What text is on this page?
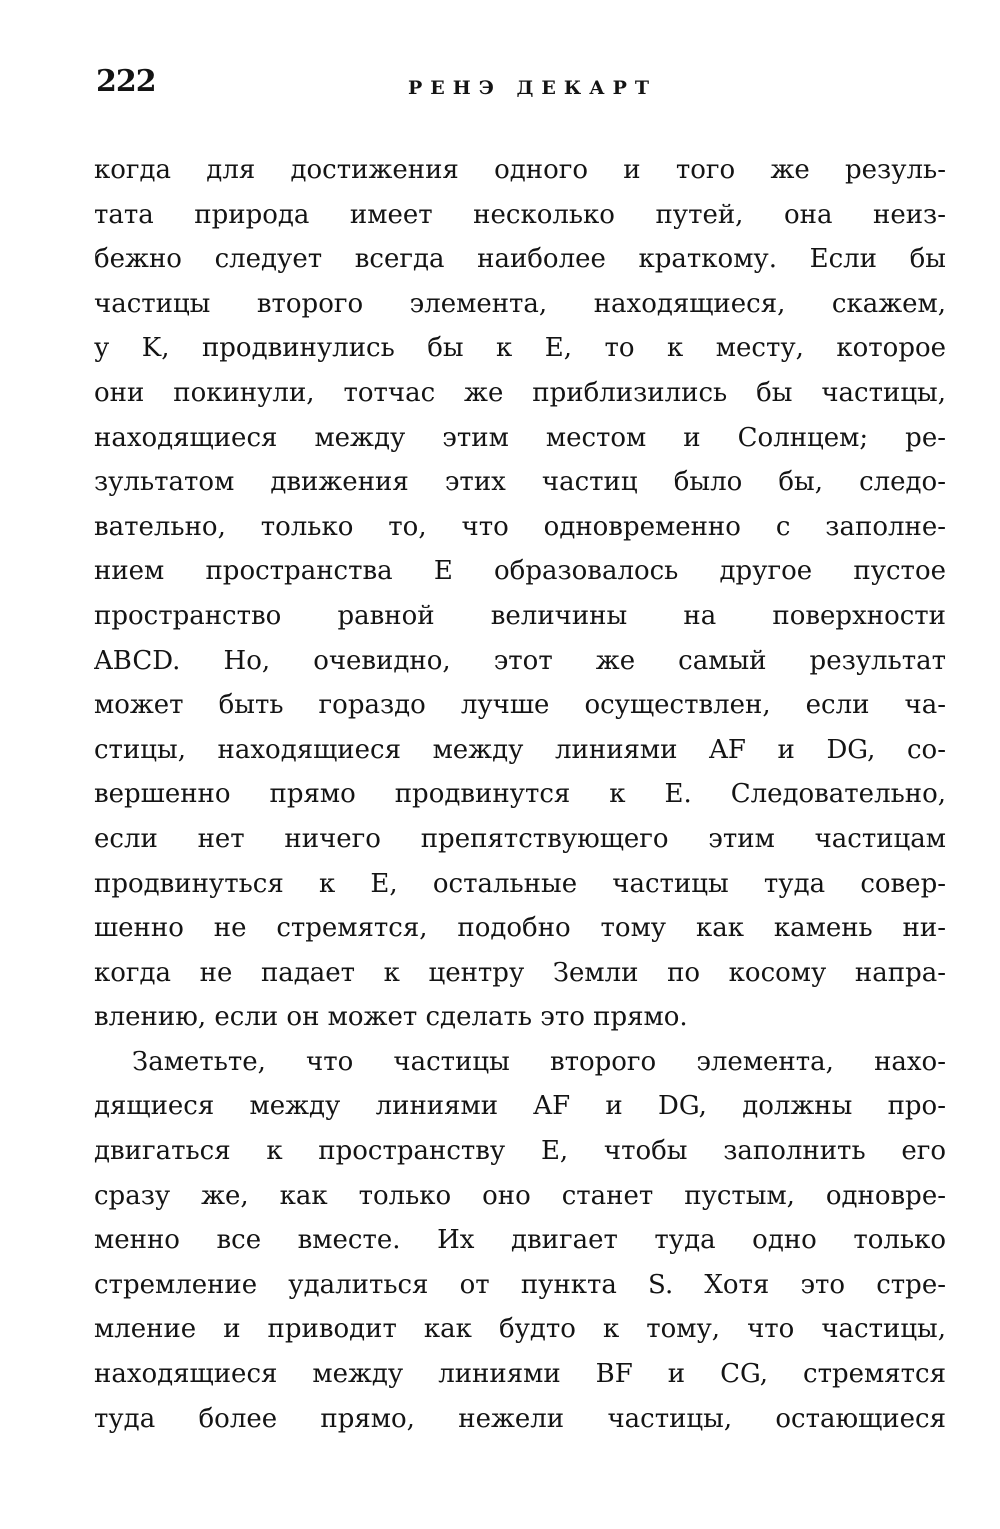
222	РЕНЭ ДЕКАРТ
когда для достижения одного и того же резуль-
тата природа имеет несколько путей, она неиз-
бежно следует всегда наиболее краткому. Если бы
частицы второго элемента, находящиеся, скажем,
у K, продвинулись бы к E, то к месту, которое
они покинули, тотчас же приблизились бы частицы,
находящиеся между этим местом и Солнцем; ре-
зультатом движения этих частиц было бы, следо-
вательно, только то, что одновременно с заполне-
нием пространства E образовалось другое пустое
пространство равной величины на поверхности
ABCD. Но, очевидно, этот же самый результат
может быть гораздо лучше осуществлен, если ча-
стицы, находящиеся между линиями AF и DG, со-
вершенно прямо продвинутся к E. Следовательно,
если нет ничего препятствующего этим частицам
продвинуться к E, остальные частицы туда совер-
шенно не стремятся, подобно тому как камень ни-
когда не падает к центру Земли по косому напра-
влению, если он может сделать это прямо.
Заметьте, что частицы второго элемента, нахо-
дящиеся между линиями AF и DG, должны про-
двигаться к пространству E, чтобы заполнить его
сразу же, как только оно станет пустым, одновре-
менно все вместе. Их двигает туда одно только
стремление удалиться от пункта S. Хотя это стре-
мление и приводит как будто к тому, что частицы,
находящиеся между линиями BF и CG, стремятся
туда более прямо, нежели частицы, остающиеся
